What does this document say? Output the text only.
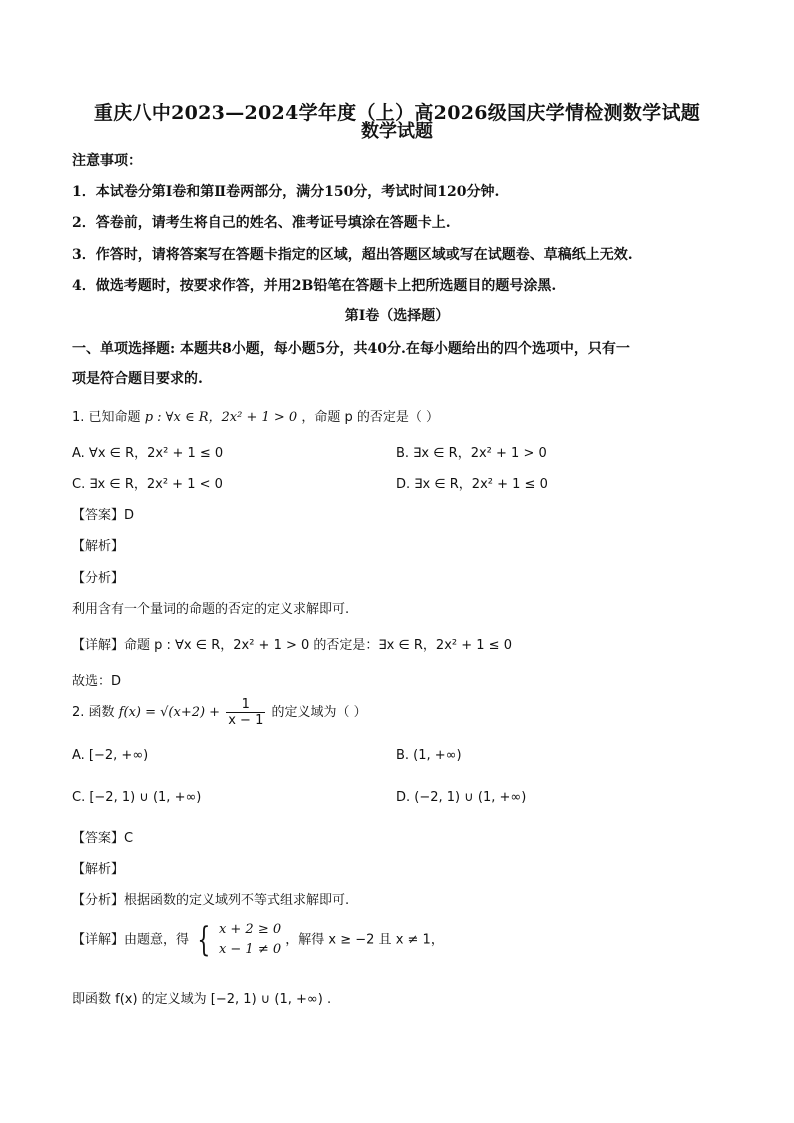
重庆八中2023—2024学年度（上）高2026级国庆学情检测数学试题
数学试题
注意事项：
1．本试卷分第Ⅰ卷和第Ⅱ卷两部分，满分150分，考试时间120分钟.
2．答卷前，请考生将自己的姓名、准考证号填涂在答题卡上.
3．作答时，请将答案写在答题卡指定的区域，超出答题区域或写在试题卷、草稿纸上无效.
4．做选考题时，按要求作答，并用2B铅笔在答题卡上把所选题目的题号涂黑.
第Ⅰ卷（选择题）
一、单项选择题: 本题共8小题，每小题5分，共40分.在每小题给出的四个选项中，只有一
项是符合题目要求的.
1. 已知命题 p : ∀x ∈ R，2x² + 1 > 0 ，命题 p 的否定是（ ）
A. ∀x ∈ R，2x² + 1 ≤ 0	B. ∃x ∈ R，2x² + 1 > 0
C. ∃x ∈ R，2x² + 1 < 0	D. ∃x ∈ R，2x² + 1 ≤ 0
【答案】D
【解析】
【分析】
利用含有一个量词的命题的否定的定义求解即可.
【详解】命题 p : ∀x ∈ R，2x² + 1 > 0 的否定是：∃x ∈ R，2x² + 1 ≤ 0
故选：D
2. 函数 $f(x) = √(x+2) + \frac{1}{x - 1}$ 的定义域为（ ）
A. [−2, +∞)	B. (1, +∞)
C. [−2, 1) ∪ (1, +∞)	D. (−2, 1) ∪ (1, +∞)
【答案】C
【解析】
【分析】根据函数的定义域列不等式组求解即可.
【详解】由题意，得 { x + 2 ≥ 0
x − 1 ≠ 0
，解得 x ≥ −2 且 x ≠ 1，
即函数 f(x) 的定义域为 [−2, 1) ∪ (1, +∞) .
